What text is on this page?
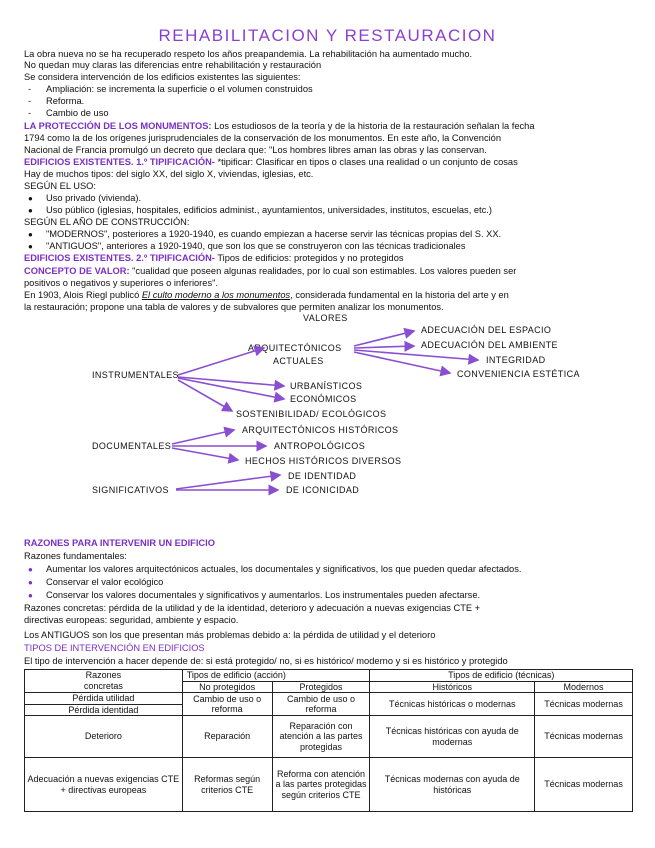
REHABILITACION Y RESTAURACION
La obra nueva no se ha recuperado respeto los años preapandemia. La rehabilitación ha aumentado mucho.
No quedan muy claras las diferencias entre rehabilitación y restauración
Se considera intervención de los edificios existentes las siguientes:
- Ampliación: se incrementa la superficie o el volumen construidos
- Reforma.
- Cambio de uso
LA PROTECCIÓN DE LOS MONUMENTOS: Los estudiosos de la teoría y de la historia de la restauración señalan la fecha
1794 como la de los orígenes jurisprudenciales de la conservación de los monumentos. En este año, la Convención
Nacional de Francia promulgó un decreto que declara que: "Los hombres libres aman las obras y las conservan.
EDIFICIOS EXISTENTES. 1.º TIPIFICACIÓN- *tipificar: Clasificar en tipos o clases una realidad o un conjunto de cosas
Hay de muchos tipos: del siglo XX, del siglo X, viviendas, iglesias, etc.
SEGÚN EL USO:
● Uso privado (vivienda).
● Uso público (iglesias, hospitales, edificios administ., ayuntamientos, universidades, institutos, escuelas, etc.)
SEGÚN EL AÑO DE CONSTRUCCIÓN:
● "MODERNOS", posteriores a 1920-1940, es cuando empiezan a hacerse servir las técnicas propias del S. XX.
● "ANTIGUOS", anteriores a 1920-1940, que son los que se construyeron con las técnicas tradicionales
EDIFICIOS EXISTENTES. 2.º TIPIFICACIÓN- Tipos de edificios: protegidos y no protegidos
CONCEPTO DE VALOR: "cualidad que poseen algunas realidades, por lo cual son estimables. Los valores pueden ser
positivos o negativos y superiores o inferiores".
En 1903, Alois Riegl publicó El culto moderno a los monumentos, considerada fundamental en la historia del arte y en
la restauración; propone una tabla de valores y de subvalores que permiten analizar los monumentos.
VALORES
ARQUITECTÓNICOS
ACTUALES
ADECUACIÓN DEL ESPACIO
ADECUACIÓN DEL AMBIENTE
INTEGRIDAD
CONVENIENCIA ESTÉTICA
INSTRUMENTALES
URBANÍSTICOS
ECONÓMICOS
SOSTENIBILIDAD/ ECOLÓGICOS
ARQUITECTÓNICOS HISTÓRICOS
DOCUMENTALES	ANTROPOLÓGICOS
HECHOS HISTÓRICOS DIVERSOS
DE IDENTIDAD
SIGNIFICATIVOS	DE ICONICIDAD
RAZONES PARA INTERVENIR UN EDIFICIO
Razones fundamentales:
● Aumentar los valores arquitectónicos actuales, los documentales y significativos, los que pueden quedar afectados.
● Conservar el valor ecológico
● Conservar los valores documentales y significativos y aumentarlos. Los instrumentales pueden afectarse.
Razones concretas: pérdida de la utilidad y de la identidad, deterioro y adecuación a nuevas exigencias CTE +
directivas europeas: seguridad, ambiente y espacio.
Los ANTIGUOS son los que presentan más problemas debido a: la pérdida de utilidad y el deterioro
TIPOS DE INTERVENCIÓN EN EDIFICIOS
El tipo de intervención a hacer depende de: si está protegido/ no, si es histórico/ moderno y si es histórico y protegido
Razones	Tipos de edificio (acción)		Tipos de edificio (técnicas)	
concretas	No protegidos	Protegidos	Históricos	Modernos
Pérdida utilidad	Cambio de uso o reforma	Cambio de uso o reforma	Técnicas históricas o modernas	Técnicas modernas
Pérdida identidad				
Deterioro	Reparación	Reparación con atención a las partes protegidas	Técnicas históricas con ayuda de modernas	Técnicas modernas
Adecuación a nuevas exigencias CTE + directivas europeas	Reformas según criterios CTE	Reforma con atención a las partes protegidas según criterios CTE	Técnicas modernas con ayuda de históricas	Técnicas modernas
